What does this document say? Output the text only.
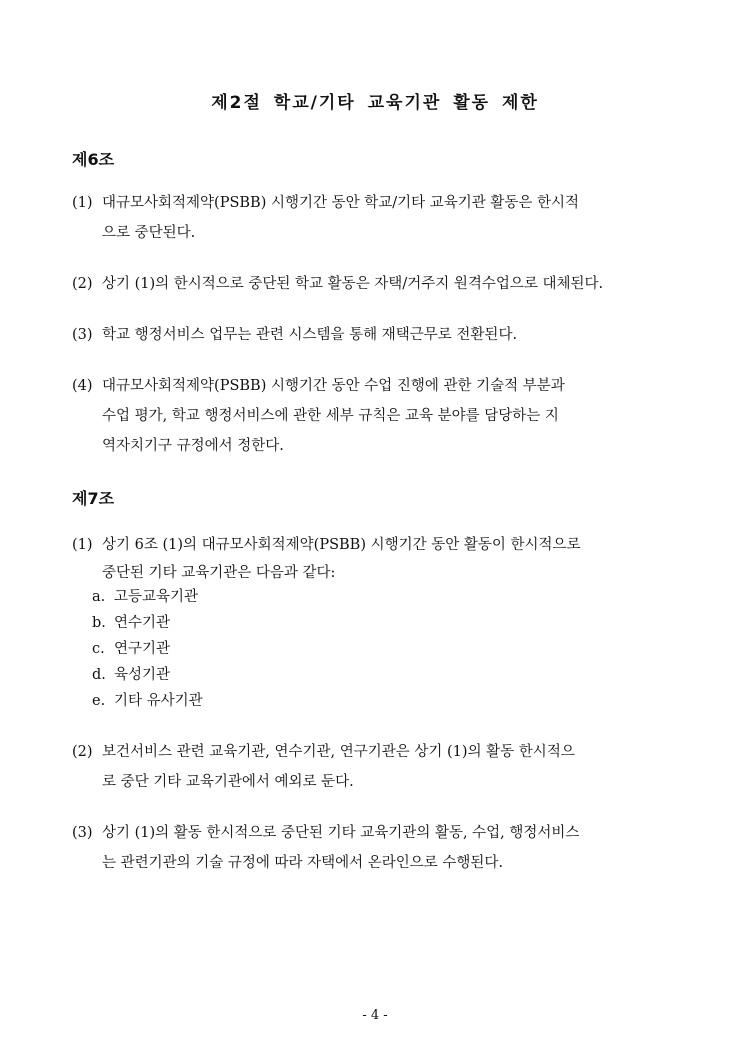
제2절 학교/기타 교육기관 활동 제한
제6조
(1) 대규모사회적제약(PSBB) 시행기간 동안 학교/기타 교육기관 활동은 한시적
으로 중단된다.
(2) 상기 (1)의 한시적으로 중단된 학교 활동은 자택/거주지 원격수업으로 대체된다.
(3) 학교 행정서비스 업무는 관련 시스템을 통해 재택근무로 전환된다.
(4) 대규모사회적제약(PSBB) 시행기간 동안 수업 진행에 관한 기술적 부분과
수업 평가, 학교 행정서비스에 관한 세부 규칙은 교육 분야를 담당하는 지
역자치기구 규정에서 정한다.
제7조
(1) 상기 6조 (1)의 대규모사회적제약(PSBB) 시행기간 동안 활동이 한시적으로
중단된 기타 교육기관은 다음과 같다:
a. 고등교육기관
b. 연수기관
c. 연구기관
d. 육성기관
e. 기타 유사기관
(2) 보건서비스 관련 교육기관, 연수기관, 연구기관은 상기 (1)의 활동 한시적으
로 중단 기타 교육기관에서 예외로 둔다.
(3) 상기 (1)의 활동 한시적으로 중단된 기타 교육기관의 활동, 수업, 행정서비스
는 관련기관의 기술 규정에 따라 자택에서 온라인으로 수행된다.
- 4 -
